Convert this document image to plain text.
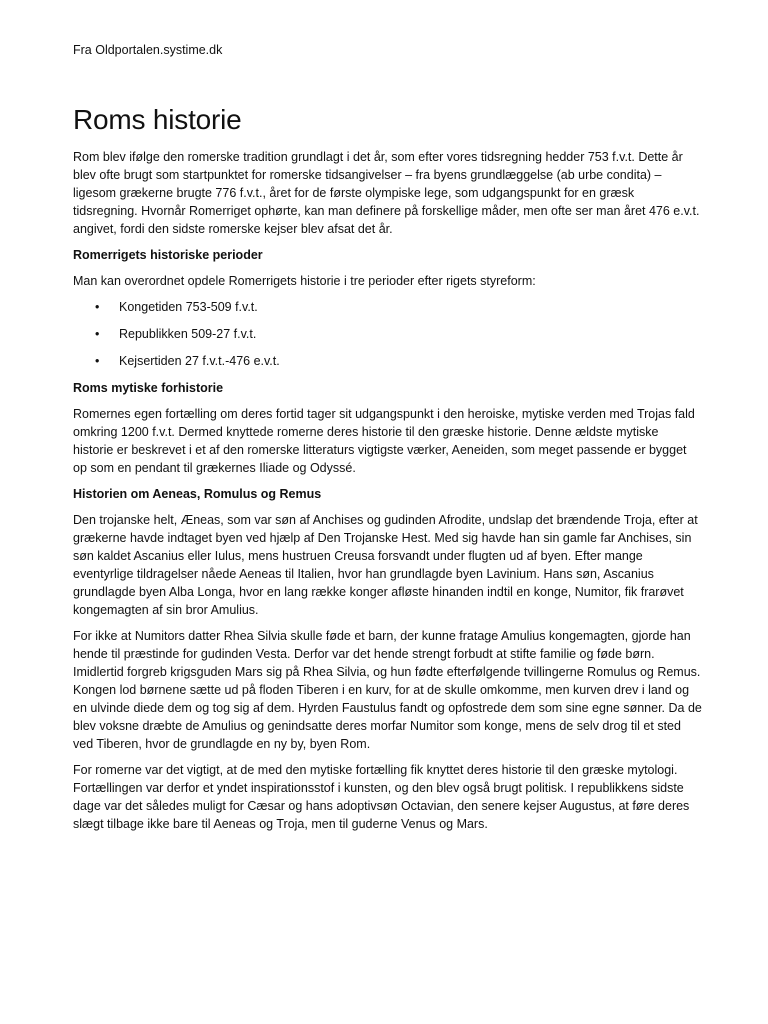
Fra Oldportalen.systime.dk

Roms historie

Rom blev ifølge den romerske tradition grundlagt i det år, som efter vores tidsregning hedder 753 f.v.t. Dette år blev ofte brugt som startpunktet for romerske tidsangivelser – fra byens grundlæggelse (ab urbe condita) – ligesom grækerne brugte 776 f.v.t., året for de første olympiske lege, som udgangspunkt for en græsk tidsregning. Hvornår Romerriget ophørte, kan man definere på forskellige måder, men ofte ser man året 476 e.v.t. angivet, fordi den sidste romerske kejser blev afsat det år.

Romerrigets historiske perioder

Man kan overordnet opdele Romerrigets historie i tre perioder efter rigets styreform:

• Kongetiden 753-509 f.v.t.
• Republikken 509-27 f.v.t.
• Kejsertiden 27 f.v.t.-476 e.v.t.

Roms mytiske forhistorie

Romernes egen fortælling om deres fortid tager sit udgangspunkt i den heroiske, mytiske verden med Trojas fald omkring 1200 f.v.t. Dermed knyttede romerne deres historie til den græske historie. Denne ældste mytiske historie er beskrevet i et af den romerske litteraturs vigtigste værker, Aeneiden, som meget passende er bygget op som en pendant til grækernes Iliade og Odyssé.

Historien om Aeneas, Romulus og Remus

Den trojanske helt, Æneas, som var søn af Anchises og gudinden Afrodite, undslap det brændende Troja, efter at grækerne havde indtaget byen ved hjælp af Den Trojanske Hest. Med sig havde han sin gamle far Anchises, sin søn kaldet Ascanius eller Iulus, mens hustruen Creusa forsvandt under flugten ud af byen. Efter mange eventyrlige tildragelser nåede Aeneas til Italien, hvor han grundlagde byen Lavinium. Hans søn, Ascanius grundlagde byen Alba Longa, hvor en lang række konger afløste hinanden indtil en konge, Numitor, fik frarøvet kongemagten af sin bror Amulius.

For ikke at Numitors datter Rhea Silvia skulle føde et barn, der kunne fratage Amulius kongemagten, gjorde han hende til præstinde for gudinden Vesta. Derfor var det hende strengt forbudt at stifte familie og føde børn. Imidlertid forgreb krigsguden Mars sig på Rhea Silvia, og hun fødte efterfølgende tvillingerne Romulus og Remus. Kongen lod børnene sætte ud på floden Tiberen i en kurv, for at de skulle omkomme, men kurven drev i land og en ulvinde diede dem og tog sig af dem. Hyrden Faustulus fandt og opfostrede dem som sine egne sønner. Da de blev voksne dræbte de Amulius og genindsatte deres morfar Numitor som konge, mens de selv drog til et sted ved Tiberen, hvor de grundlagde en ny by, byen Rom.

For romerne var det vigtigt, at de med den mytiske fortælling fik knyttet deres historie til den græske mytologi. Fortællingen var derfor et yndet inspirationsstof i kunsten, og den blev også brugt politisk. I republikkens sidste dage var det således muligt for Cæsar og hans adoptivsøn Octavian, den senere kejser Augustus, at føre deres slægt tilbage ikke bare til Aeneas og Troja, men til guderne Venus og Mars.
